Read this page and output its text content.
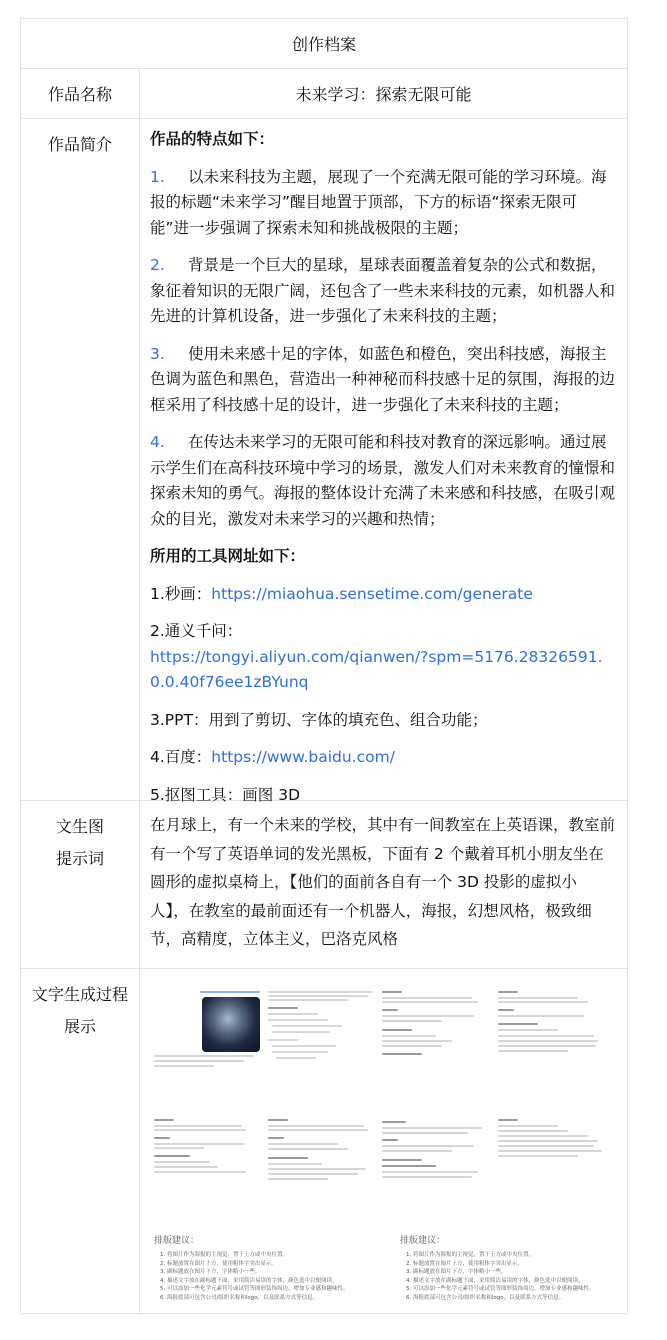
创作档案
作品名称	未来学习：探索无限可能
作品简介	作品的特点如下：

1. 以未来科技为主题，展现了一个充满无限可能的学习环境。海报的标题“未来学习”醒目地置于顶部，下方的标语“探索无限可能”进一步强调了探索未知和挑战极限的主题；

2. 背景是一个巨大的星球，星球表面覆盖着复杂的公式和数据，象征着知识的无限广阔，还包含了一些未来科技的元素，如机器人和先进的计算机设备，进一步强化了未来科技的主题；

3. 使用未来感十足的字体，如蓝色和橙色，突出科技感，海报主色调为蓝色和黑色，营造出一种神秘而科技感十足的氛围，海报的边框采用了科技感十足的设计，进一步强化了未来科技的主题；

4. 在传达未来学习的无限可能和科技对教育的深远影响。通过展示学生们在高科技环境中学习的场景，激发人们对未来教育的憧憬和探索未知的勇气。海报的整体设计充满了未来感和科技感，在吸引观众的目光，激发对未来学习的兴趣和热情；

所用的工具网址如下：

1.秒画：https://miaohua.sensetime.com/generate

2.通义千问：
https://tongyi.aliyun.com/qianwen/?spm=5176.28326591.0.0.40f76ee1zBYunq

3.PPT：用到了剪切、字体的填充色、组合功能；

4.百度：https://www.baidu.com/

5.抠图工具：画图 3D

文生图
提示词
在月球上，有一个未来的学校，其中有一间教室在上英语课，教室前有一个写了英语单词的发光黑板，下面有 2 个戴着耳机小朋友坐在圆形的虚拟桌椅上，【他们的面前各自有一个 3D 投影的虚拟小人】，在教室的最前面还有一个机器人，海报，幻想风格，极致细节，高精度，立体主义，巴洛克风格
文字生成过程
展示
排版建议：
1. 将图片作为海报的主视觉，置于上方或中央位置。
2. 标题放置在图片上方，使用粗体字突出显示。
3. 副标题放在图片下方，字体略小一些。
4. 描述文字放在副标题下面，采用简洁易读的字体，颜色选中以便阅读。
5. 可以添加一些化学元素符号或试管等图形装饰周边，增加专业感和趣味性。
6. 海报底部可包含公司/组织名称和logo，以及联系方式等信息。
排版建议：
1. 将图片作为海报的主视觉，置于上方或中央位置。
2. 标题放置在图片上方，使用粗体字突出显示。
3. 副标题放在图片下方，字体略小一些。
4. 描述文字放在副标题下面，采用简洁易读的字体，颜色选中以便阅读。
5. 可以添加一些化学元素符号或试管等图形装饰周边，增加专业感和趣味性。
6. 海报底部可包含公司/组织名称和logo，以及联系方式等信息。
